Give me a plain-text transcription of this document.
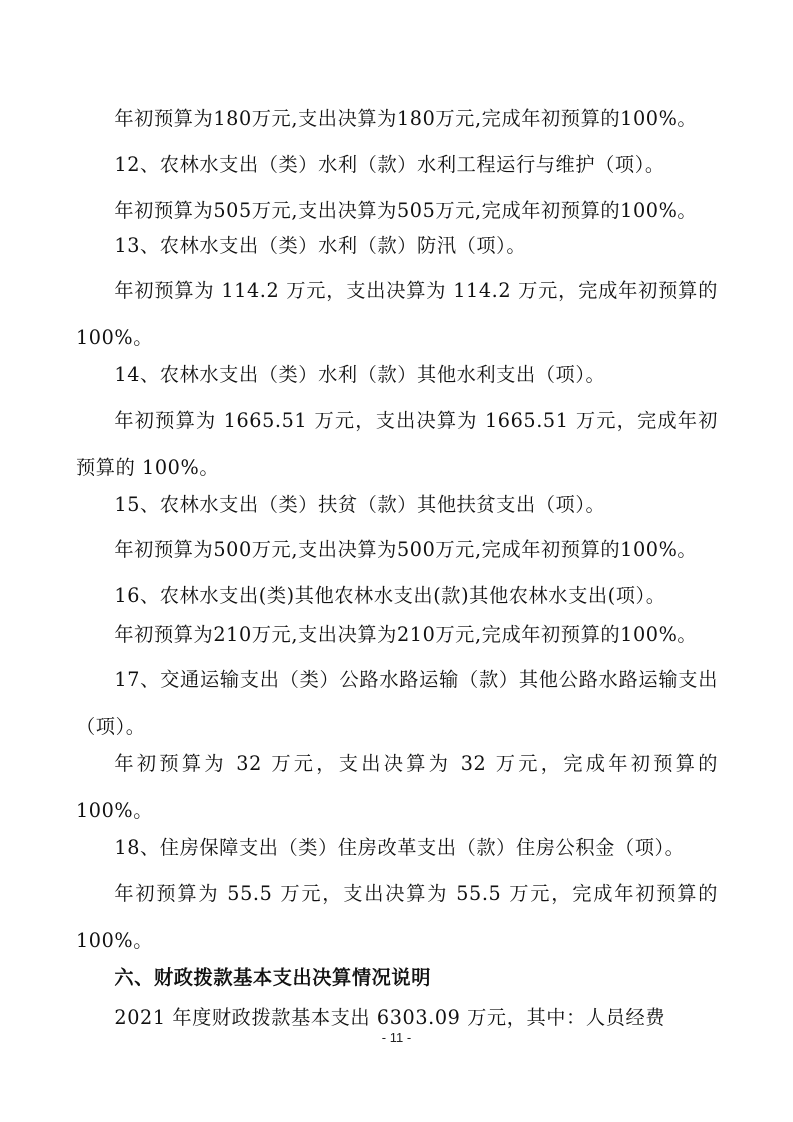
年初预算为180万元,支出决算为180万元,完成年初预算的100%。

12、农林水支出（类）水利（款）水利工程运行与维护（项）。

年初预算为505万元,支出决算为505万元,完成年初预算的100%。

13、农林水支出（类）水利（款）防汛（项）。

年初预算为 114.2 万元，支出决算为 114.2 万元，完成年初预算的 100%。

14、农林水支出（类）水利（款）其他水利支出（项）。

年初预算为 1665.51 万元，支出决算为 1665.51 万元，完成年初预算的 100%。

15、农林水支出（类）扶贫（款）其他扶贫支出（项）。

年初预算为500万元,支出决算为500万元,完成年初预算的100%。

16、农林水支出(类)其他农林水支出(款)其他农林水支出(项）。

年初预算为210万元,支出决算为210万元,完成年初预算的100%。

17、交通运输支出（类）公路水路运输（款）其他公路水路运输支出（项）。

年初预算为 32 万元，支出决算为 32 万元，完成年初预算的100%。

18、住房保障支出（类）住房改革支出（款）住房公积金（项）。

年初预算为 55.5 万元，支出决算为 55.5 万元，完成年初预算的100%。

六、财政拨款基本支出决算情况说明

2021 年度财政拨款基本支出 6303.09 万元，其中：人员经费

- 11 -
